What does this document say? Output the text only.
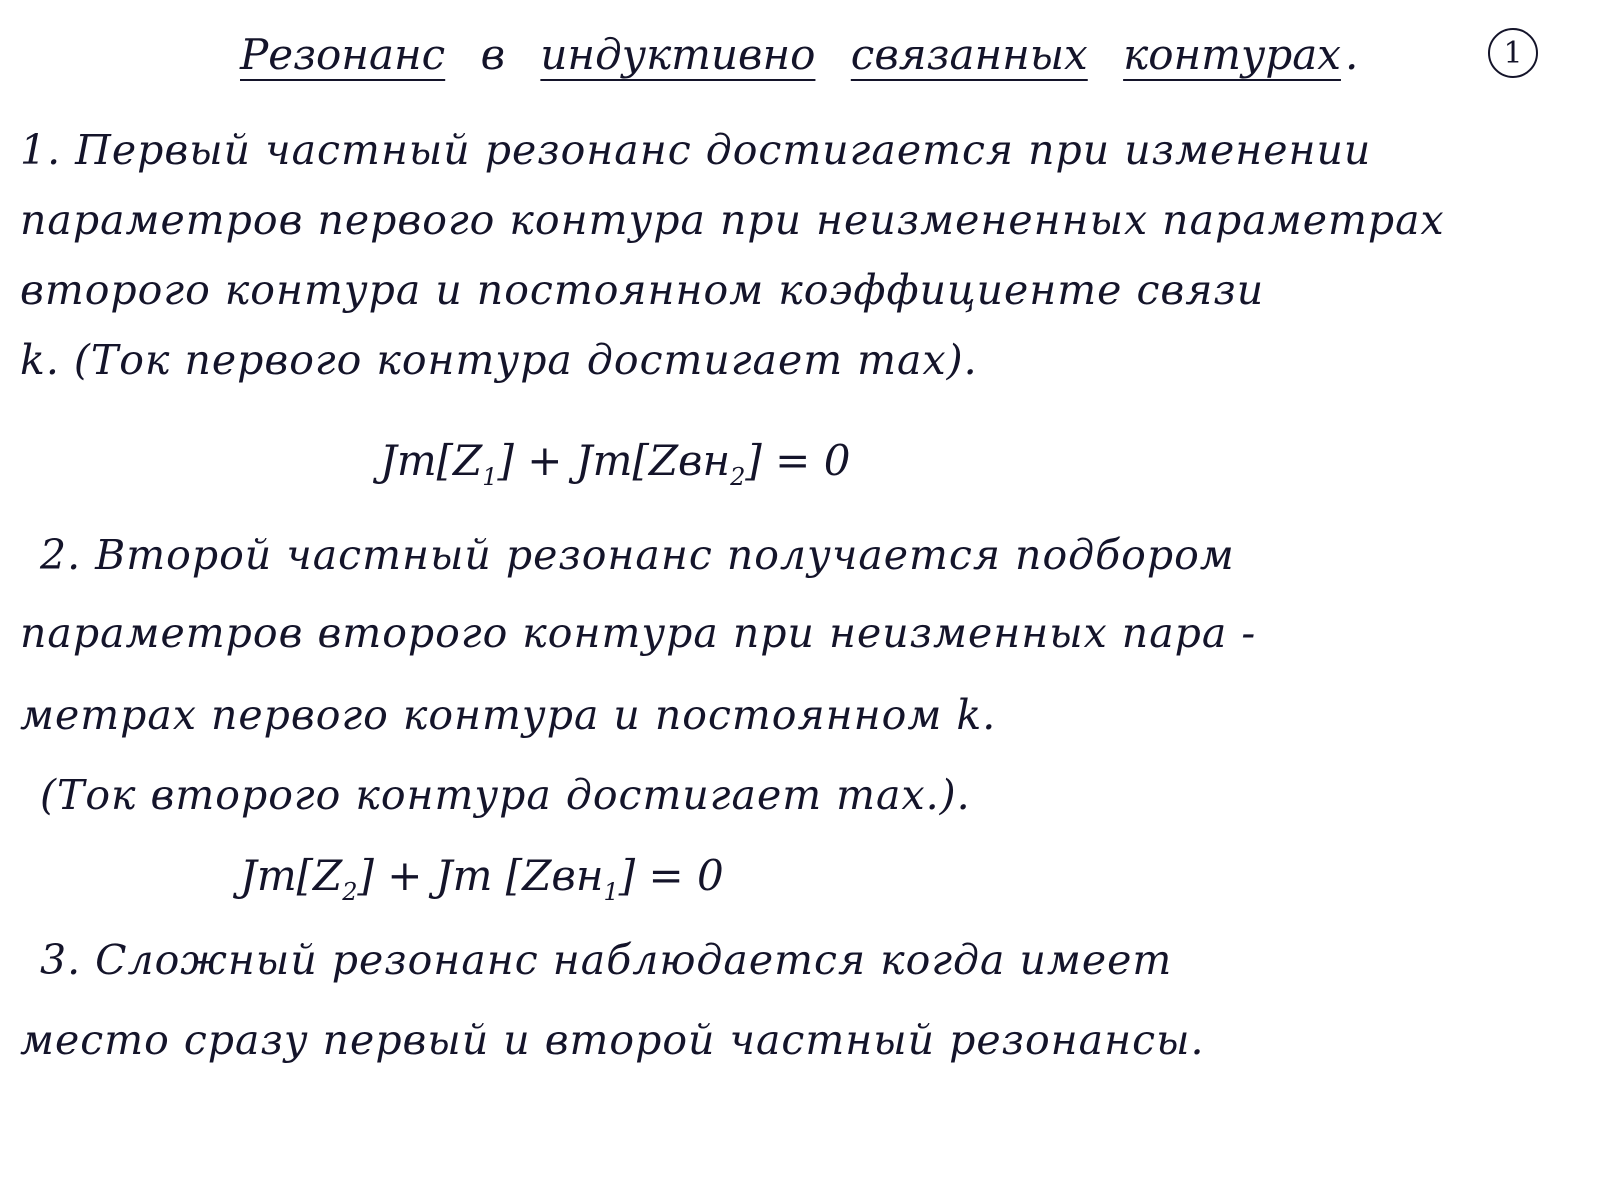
Резонанс в индуктивно связанных контурах.	1
1. Первый частный резонанс достигается при изменении
параметров первого контура при неизмененных параметрах
второго контура и постоянном коэффициенте связи
k. (Ток первого контура достигает max).
Jm[Z1] + Jm[Zвн2] = 0
2. Второй частный резонанс получается подбором
параметров второго контура при неизменных пара -
метрах первого контура и постоянном k.
(Ток второго контура достигает max.).
Jm[Z2] + Jm [Zвн1] = 0
3. Сложный резонанс наблюдается когда имеет
место сразу первый и второй частный резонансы.
